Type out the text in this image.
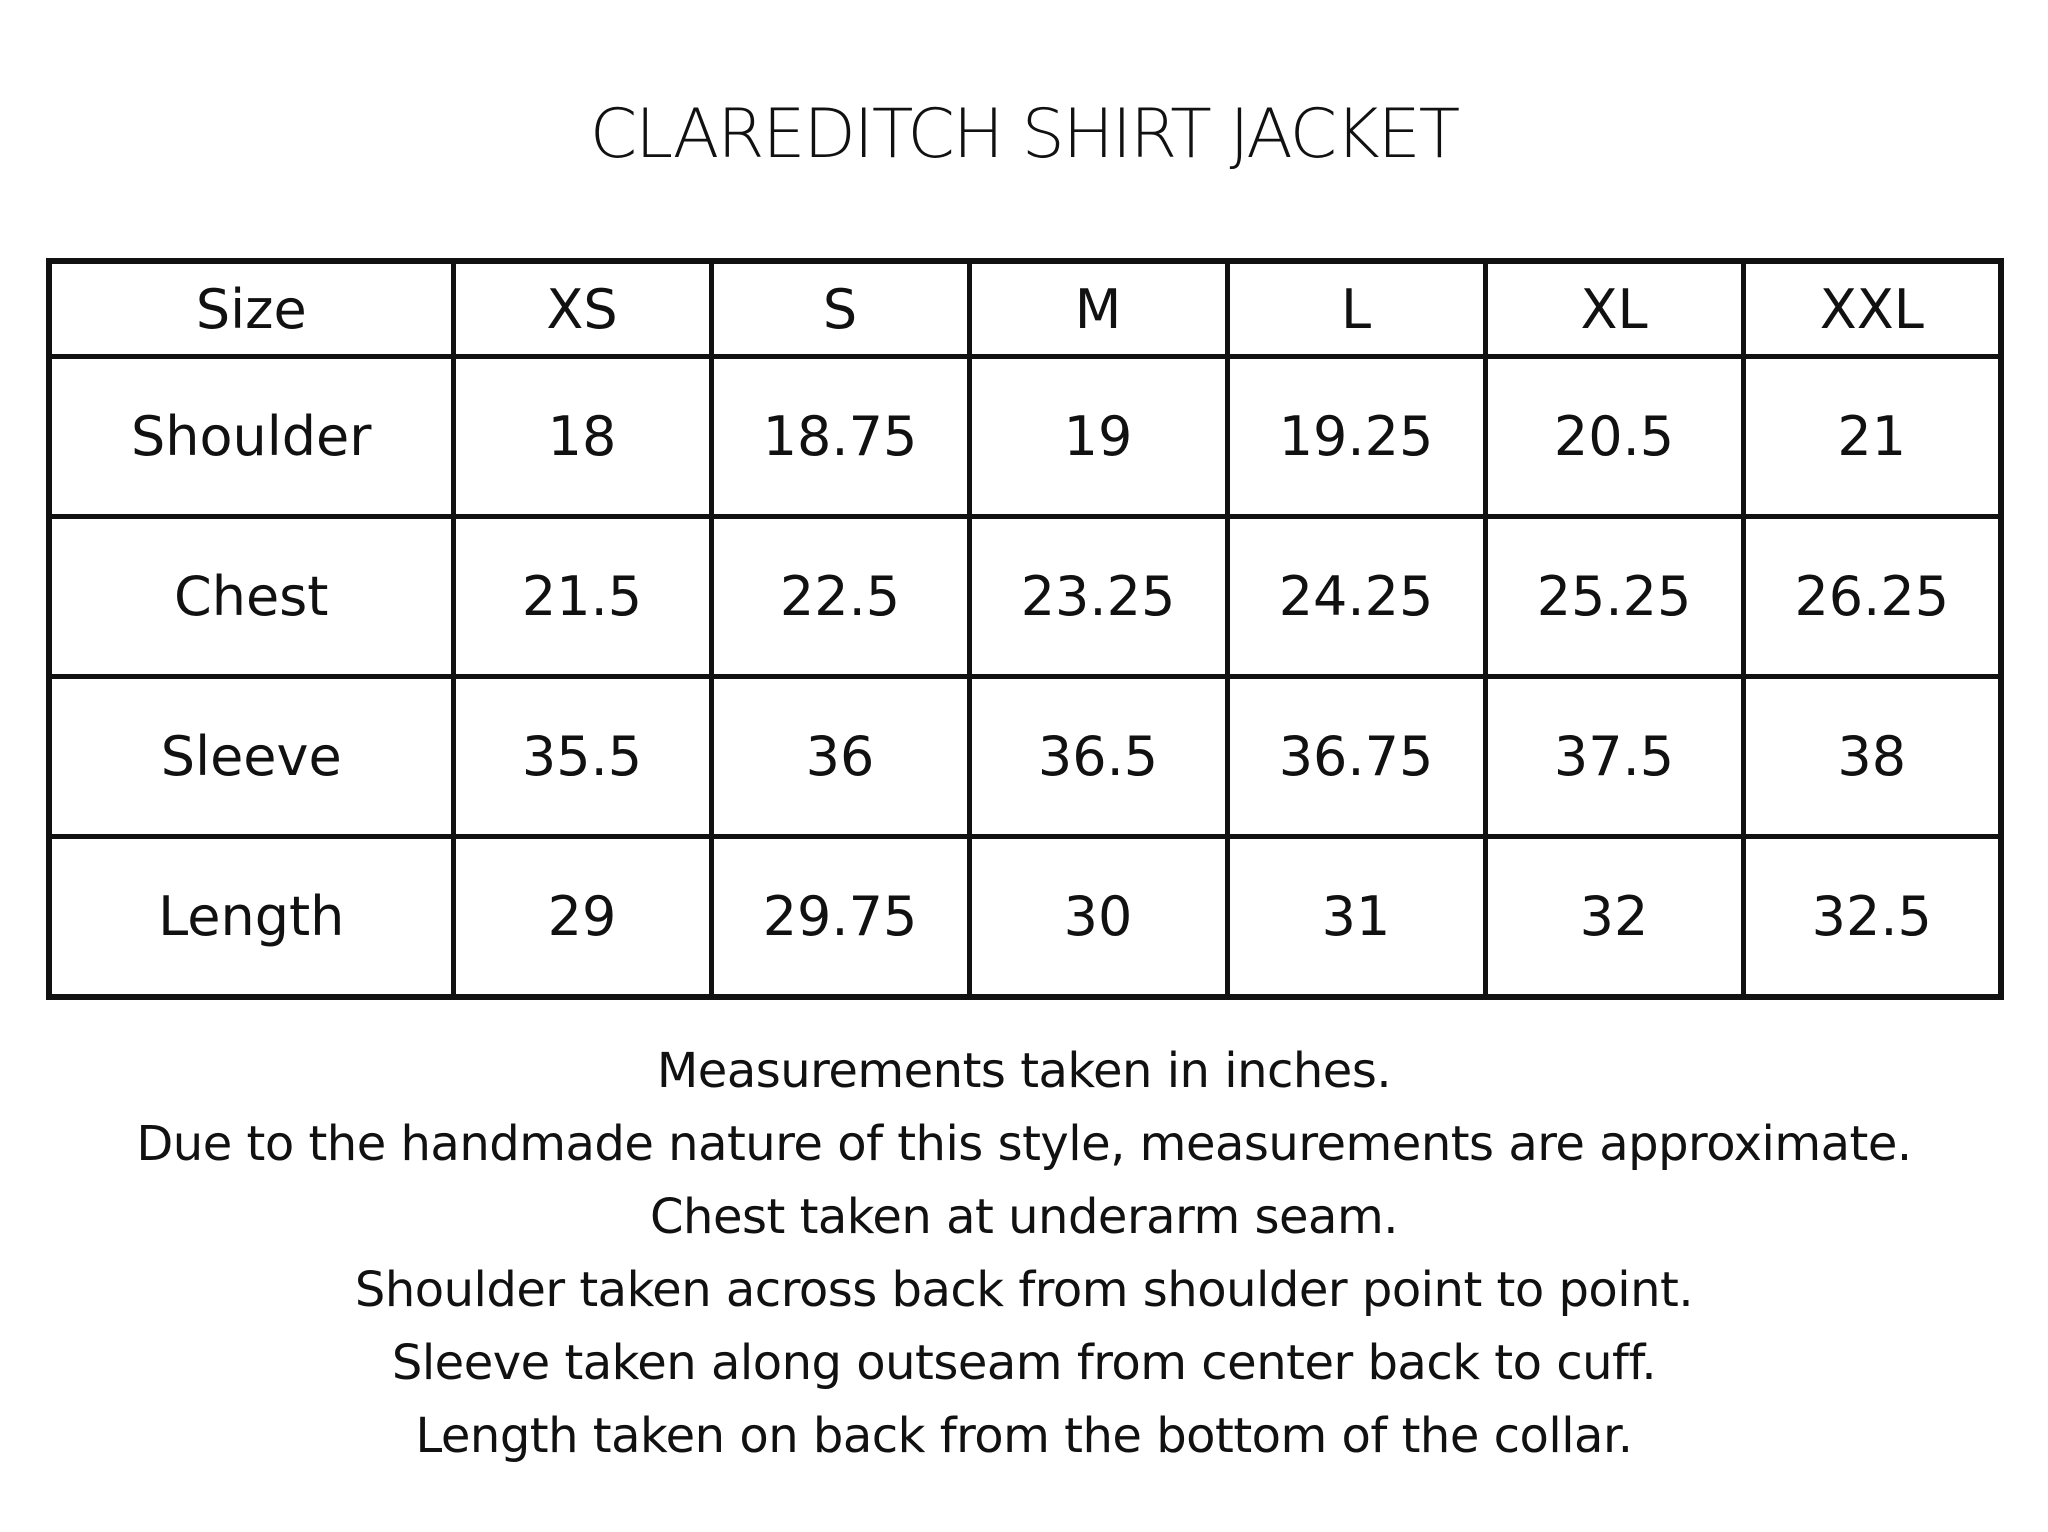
CLAREDITCH SHIRT JACKET
Size	XS	S	M	L	XL	XXL
Shoulder	18	18.75	19	19.25	20.5	21
Chest	21.5	22.5	23.25	24.25	25.25	26.25
Sleeve	35.5	36	36.5	36.75	37.5	38
Length	29	29.75	30	31	32	32.5
Measurements taken in inches.
Due to the handmade nature of this style, measurements are approximate.
Chest taken at underarm seam.
Shoulder taken across back from shoulder point to point.
Sleeve taken along outseam from center back to cuff.
Length taken on back from the bottom of the collar.
